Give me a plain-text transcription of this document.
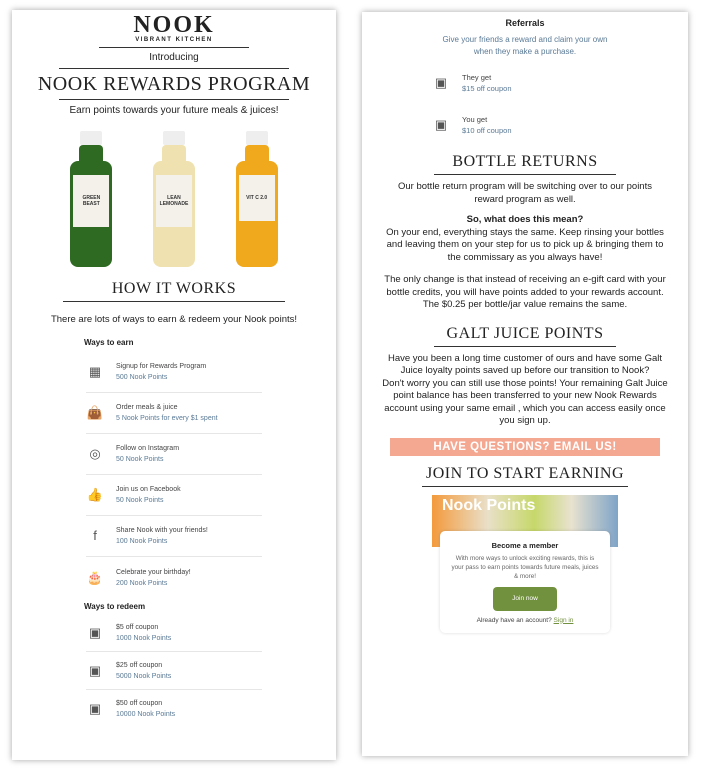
NOOK
VIBRANT KITCHEN
Introducing
NOOK REWARDS PROGRAM
Earn points towards your future meals & juices!
GREEN BEAST
LEAN LEMONADE
VIT C 2.0
HOW IT WORKS
There are lots of ways to earn & redeem your Nook points!
Ways to earn
▦	Signup for Rewards Program
500 Nook Points
👜 Order meals & juice
5 Nook Points for every $1 spent
◎	Follow on Instagram
50 Nook Points
👍 Join us on Facebook
50 Nook Points
f	Share Nook with your friends!
100 Nook Points
🎂 Celebrate your birthday!
200 Nook Points
Ways to redeem
▣	$5 off coupon
1000 Nook Points
▣	$25 off coupon
5000 Nook Points
▣	$50 off coupon
10000 Nook Points
Referrals
Give your friends a reward and claim your own when they make a purchase.
▣	They get
$15 off coupon
▣	You get
$10 off coupon
BOTTLE RETURNS
Our bottle return program will be switching over to our points reward program as well.
So, what does this mean?
On your end, everything stays the same. Keep rinsing your bottles and leaving them on your step for us to pick up & bringing them to the commissary as you always have!
The only change is that instead of receiving an e-gift card with your bottle credits, you will have points added to your rewards account. The $0.25 per bottle/jar value remains the same.
GALT JUICE POINTS
Have you been a long time customer of ours and have some Galt Juice loyalty points saved up before our transition to Nook?
Don't worry you can still use those points! Your remaining Galt Juice point balance has been transferred to your new Nook Rewards account using your same email , which you can access easily once you sign up.
HAVE QUESTIONS? EMAIL US!
JOIN TO START EARNING
Nook Points
Become a member
With more ways to unlock exciting rewards, this is your pass to earn points towards future meals, juices & more!
Join now
Already have an account? Sign in
